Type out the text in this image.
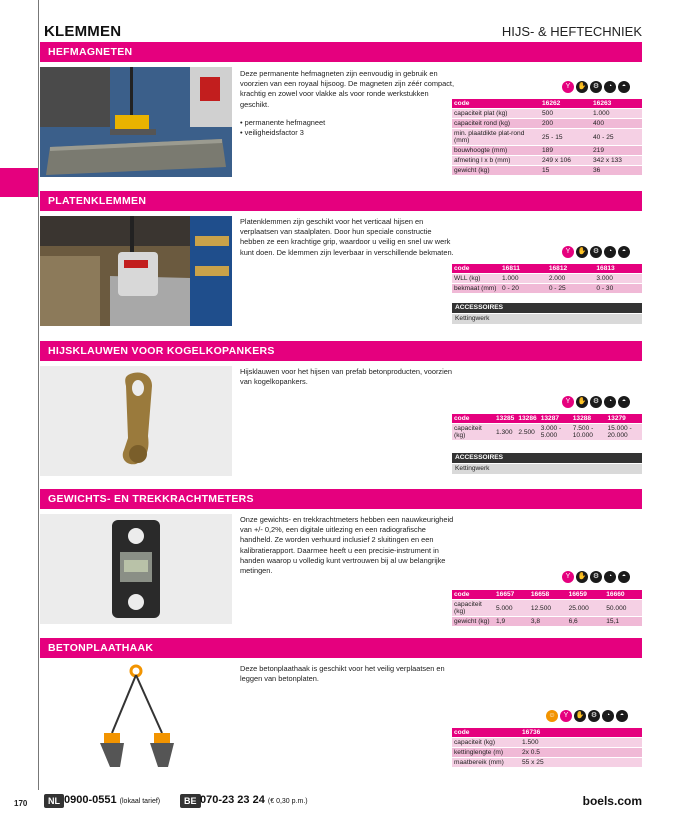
KLEMMEN	HIJS- & HEFTECHNIEK
HEFMAGNETEN

Deze permanente hefmagneten zijn eenvoudig in gebruik en voorzien van een royaal hijsoog. De magneten zijn zéér compact, krachtig en zowel voor vlakke als voor ronde werkstukken geschikt.

• permanente hefmagneet
• veiligheidsfactor 3
Y	✋ ⚙	◔	◓
code	16262	16263
capaciteit plat (kg)	500	1.000
capaciteit rond (kg)	200	400
min. plaatdikte plat-rond (mm)	25 - 15	40 - 25
bouwhoogte (mm)	189	219
afmeting l x b (mm)	249 x 106	342 x 133
gewicht (kg)	15	36
PLATENKLEMMEN

Platenklemmen zijn geschikt voor het verticaal hijsen en verplaatsen van staalplaten. Door hun speciale constructie hebben ze een krachtige grip, waardoor u veilig en snel uw werk kunt doen. De klemmen zijn leverbaar in verschillende bekmaten.	Y	✋ ⚙	◔	◓
code	16811	16812	16813
WLL (kg)	1.000	2.000	3.000
bekmaat (mm)	0 - 20	0 - 25	0 - 30
ACCESSOIRES
Kettingwerk
HIJSKLAUWEN VOOR KOGELKOPANKERS

Hijsklauwen voor het hijsen van prefab betonproducten, voorzien van kogelkopankers.

Y	✋ ⚙	◔	◓
code	13285	13286	13287	13288	13279
capaciteit (kg)	1.300	2.500	3.000 - 5.000	7.500 - 10.000	15.000 - 20.000
ACCESSOIRES
Kettingwerk
GEWICHTS- EN TREKKRACHTMETERS

Onze gewichts- en trekkrachtmeters hebben een nauwkeurigheid van +/- 0,2%, een digitale uitlezing en een radiografische handheld. Ze worden verhuurd inclusief 2 sluitingen en een kalibratierapport. Daarmee heeft u een precisie-instrument in handen waarop u volledig kunt vertrouwen bij al uw belangrijke metingen.

Y	✋ ⚙	◔	◓
code	16657	16658	16659	16660
capaciteit (kg)	5.000	12.500	25.000	50.000
gewicht (kg)	1,9	3,8	6,6	15,1
BETONPLAATHAAK

Deze betonplaathaak is geschikt voor het veilig verplaatsen en leggen van betonplaten.

☺	Y	✋ ⚙	◔	◓
code	16736
capaciteit (kg)	1.500
kettinglengte (m)	2x 0.5
maatbereik (mm)	55 x 25
170	NL 0900-0551 (lokaal tarief)	BE 070-23 23 24 (€ 0,30 p.m.)	boels.com
